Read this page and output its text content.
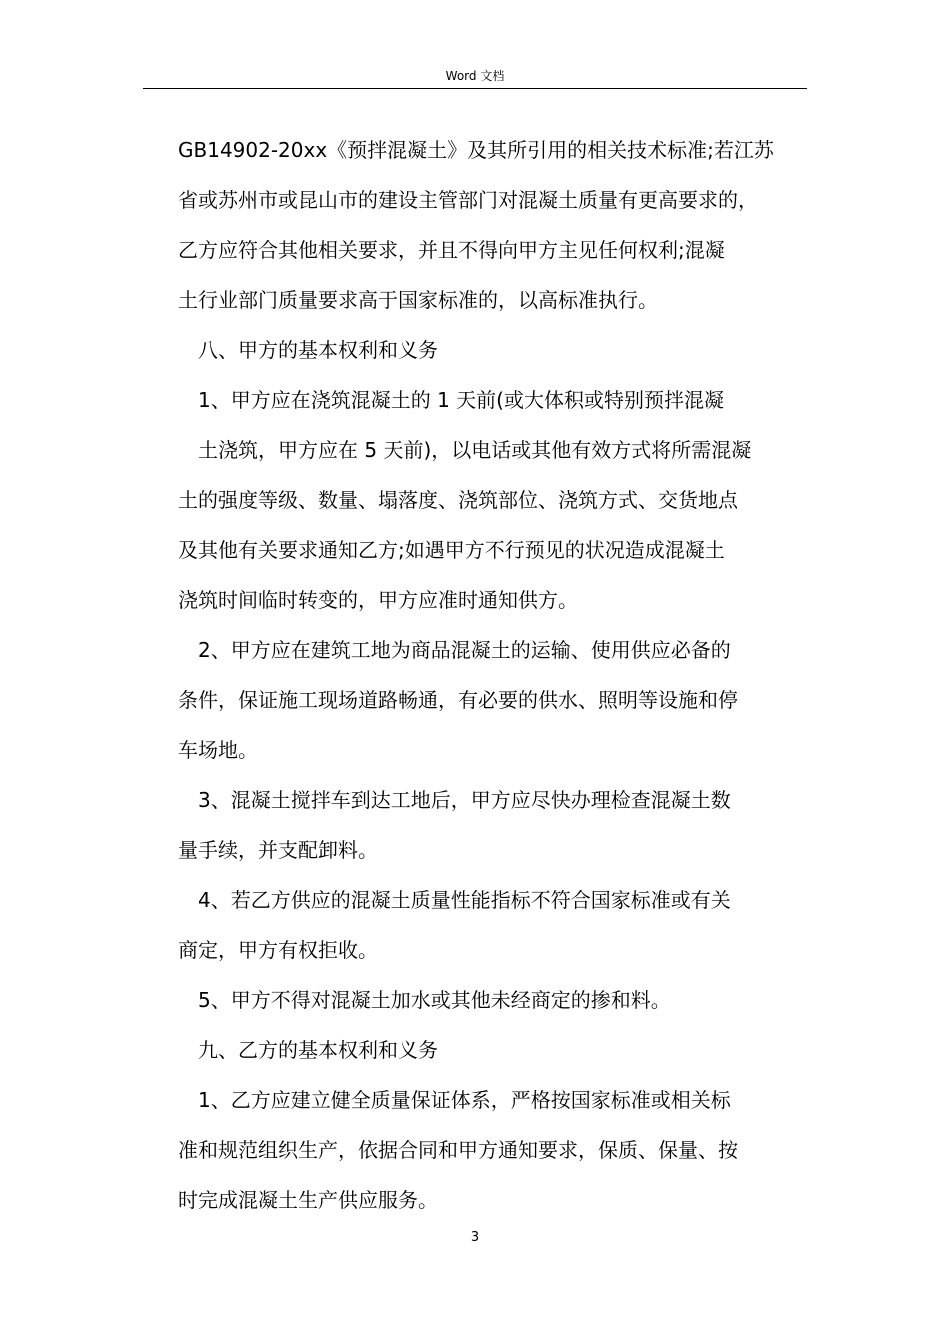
Word 文档
GB14902-20xx《预拌混凝土》及其所引用的相关技术标准;若江苏
省或苏州市或昆山市的建设主管部门对混凝土质量有更高要求的，
乙方应符合其他相关要求，并且不得向甲方主见任何权利;混凝
土行业部门质量要求高于国家标准的，以高标准执行。
八、甲方的基本权利和义务
1、甲方应在浇筑混凝土的 1 天前(或大体积或特别预拌混凝
土浇筑，甲方应在 5 天前)，以电话或其他有效方式将所需混凝
土的强度等级、数量、塌落度、浇筑部位、浇筑方式、交货地点
及其他有关要求通知乙方;如遇甲方不行预见的状况造成混凝土
浇筑时间临时转变的，甲方应准时通知供方。
2、甲方应在建筑工地为商品混凝土的运输、使用供应必备的
条件，保证施工现场道路畅通，有必要的供水、照明等设施和停
车场地。
3、混凝土搅拌车到达工地后，甲方应尽快办理检查混凝土数
量手续，并支配卸料。
4、若乙方供应的混凝土质量性能指标不符合国家标准或有关
商定，甲方有权拒收。
5、甲方不得对混凝土加水或其他未经商定的掺和料。
九、乙方的基本权利和义务
1、乙方应建立健全质量保证体系，严格按国家标准或相关标
准和规范组织生产，依据合同和甲方通知要求，保质、保量、按
时完成混凝土生产供应服务。
3
